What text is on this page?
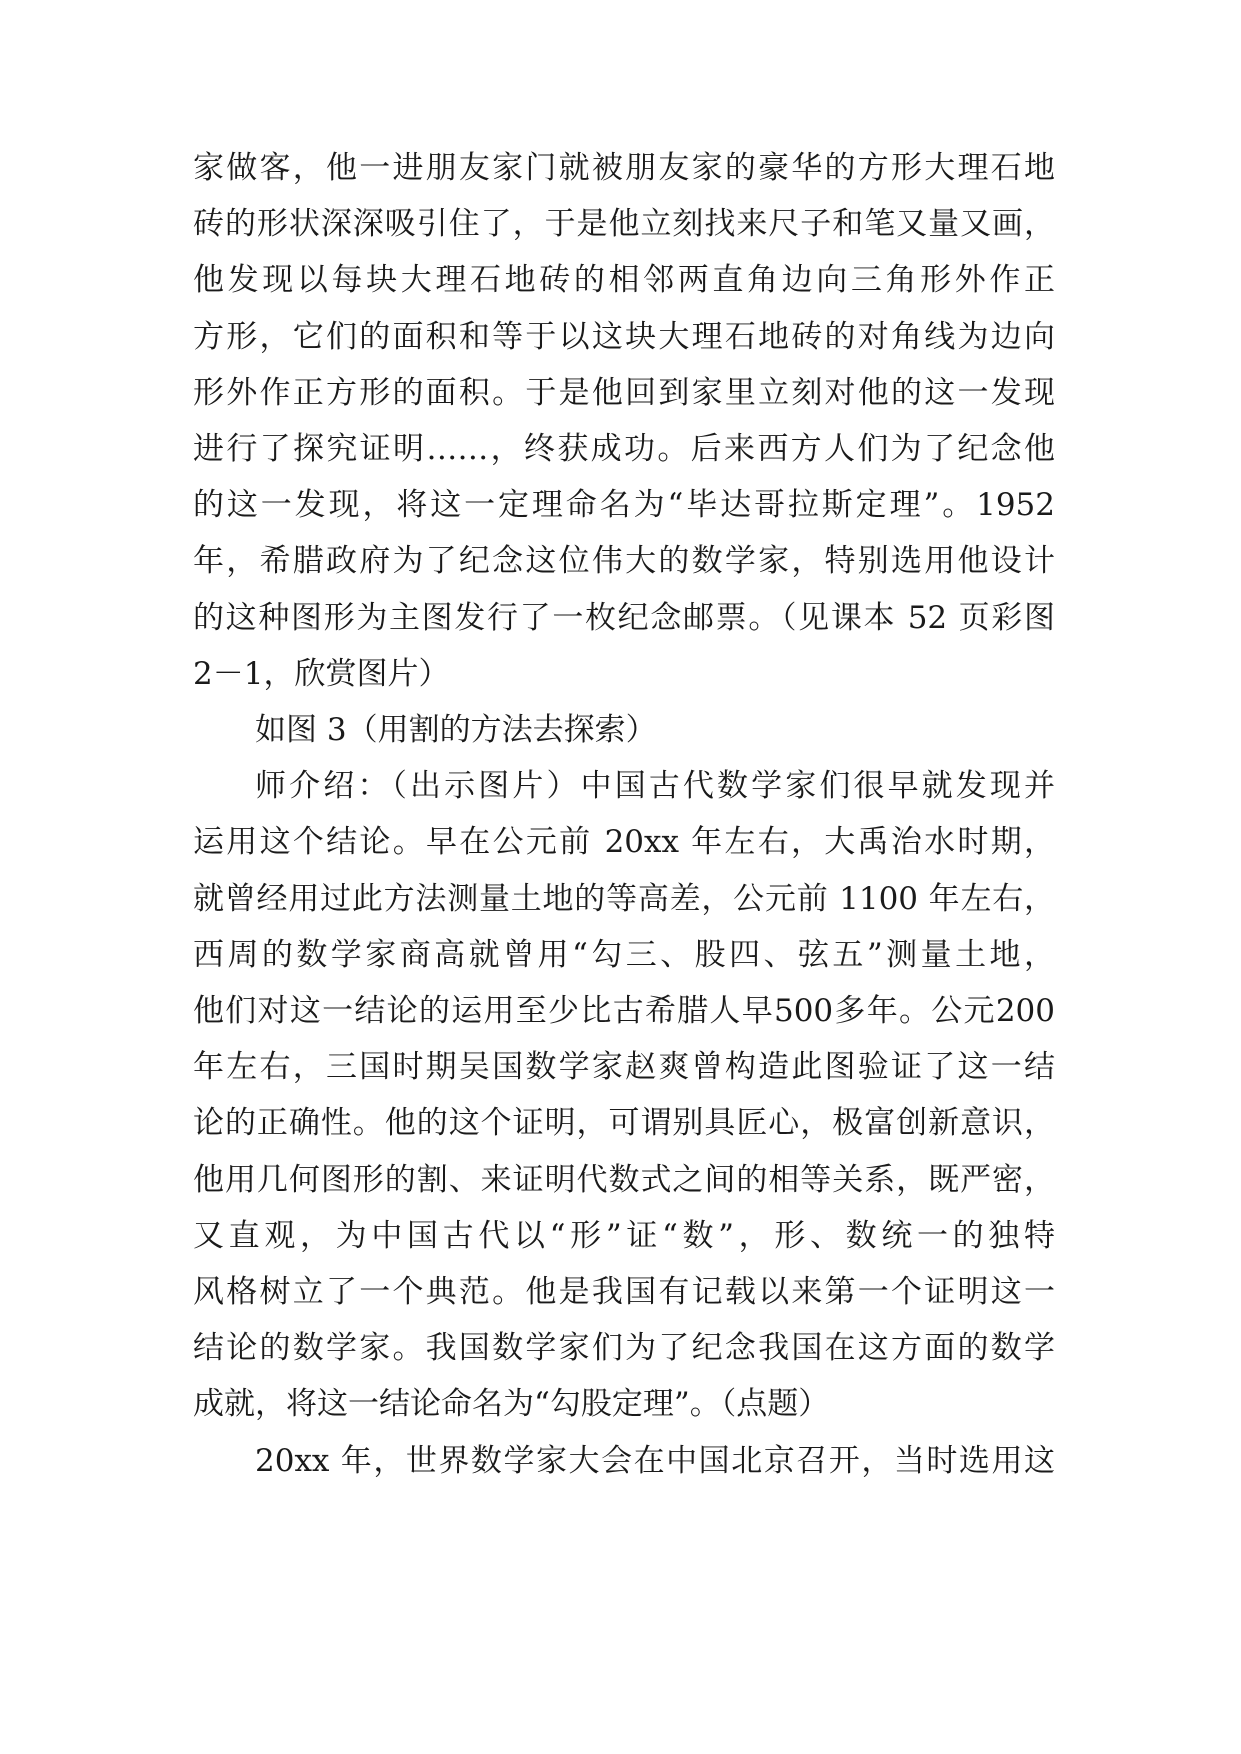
家做客，他一进朋友家门就被朋友家的豪华的方形大理石地
砖的形状深深吸引住了，于是他立刻找来尺子和笔又量又画，
他发现以每块大理石地砖的相邻两直角边向三角形外作正
方形，它们的面积和等于以这块大理石地砖的对角线为边向
形外作正方形的面积。于是他回到家里立刻对他的这一发现
进行了探究证明……，终获成功。后来西方人们为了纪念他
的这一发现，将这一定理命名为“毕达哥拉斯定理”。1952
年，希腊政府为了纪念这位伟大的数学家，特别选用他设计
的这种图形为主图发行了一枚纪念邮票。（见课本 52 页彩图
2－1，欣赏图片）
如图 3（用割的方法去探索）
师介绍：（出示图片）中国古代数学家们很早就发现并
运用这个结论。早在公元前 20xx 年左右，大禹治水时期，
就曾经用过此方法测量土地的等高差，公元前 1100 年左右，
西周的数学家商高就曾用“勾三、股四、弦五”测量土地，
他们对这一结论的运用至少比古希腊人早500多年。公元200
年左右，三国时期吴国数学家赵爽曾构造此图验证了这一结
论的正确性。他的这个证明，可谓别具匠心，极富创新意识，
他用几何图形的割、来证明代数式之间的相等关系，既严密，
又直观，为中国古代以“形”证“数”，形、数统一的独特
风格树立了一个典范。他是我国有记载以来第一个证明这一
结论的数学家。我国数学家们为了纪念我国在这方面的数学
成就，将这一结论命名为“勾股定理”。（点题）
20xx 年，世界数学家大会在中国北京召开，当时选用这
